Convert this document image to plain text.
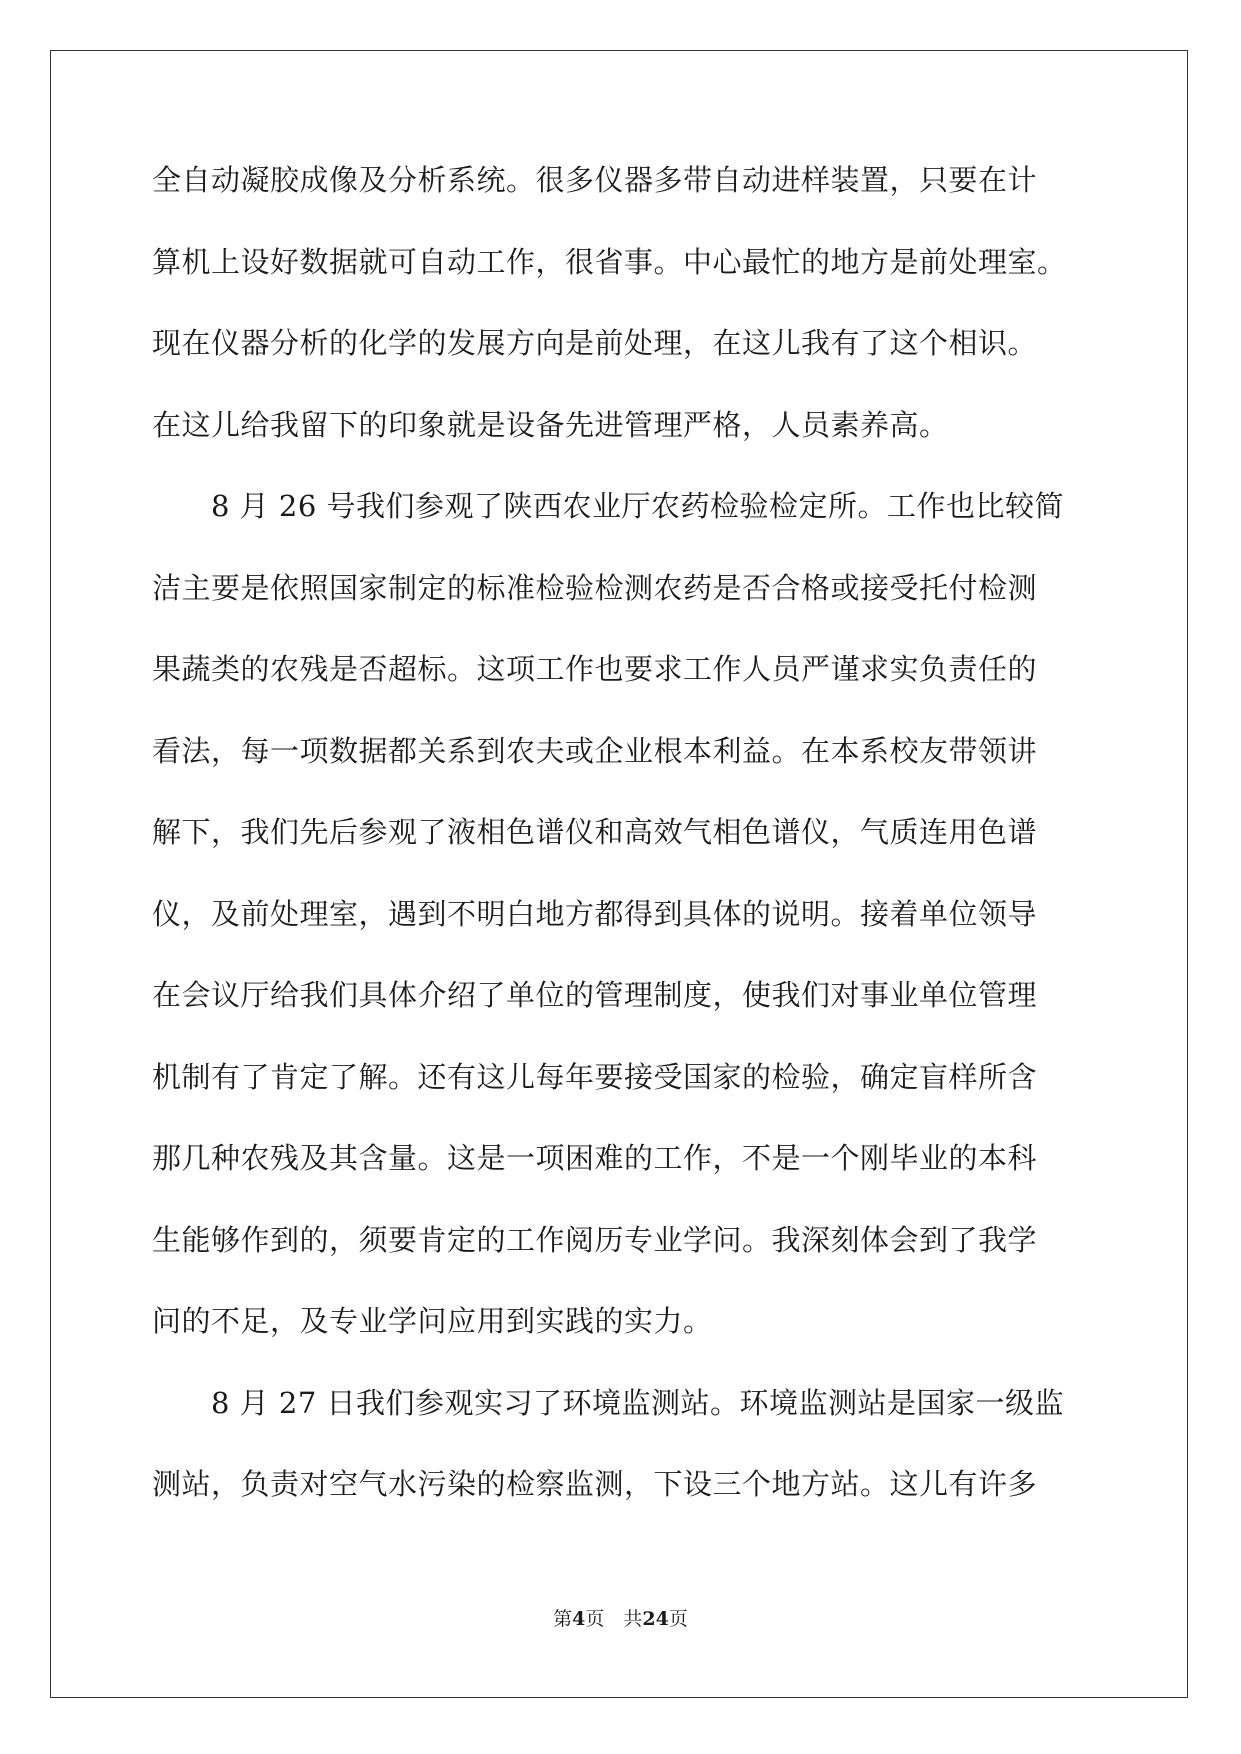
全自动凝胶成像及分析系统。很多仪器多带自动进样装置，只要在计
算机上设好数据就可自动工作，很省事。中心最忙的地方是前处理室。
现在仪器分析的化学的发展方向是前处理，在这儿我有了这个相识。
在这儿给我留下的印象就是设备先进管理严格，人员素养高。
　　8 月 26 号我们参观了陕西农业厅农药检验检定所。工作也比较简
洁主要是依照国家制定的标准检验检测农药是否合格或接受托付检测
果蔬类的农残是否超标。这项工作也要求工作人员严谨求实负责任的
看法，每一项数据都关系到农夫或企业根本利益。在本系校友带领讲
解下，我们先后参观了液相色谱仪和高效气相色谱仪，气质连用色谱
仪，及前处理室，遇到不明白地方都得到具体的说明。接着单位领导
在会议厅给我们具体介绍了单位的管理制度，使我们对事业单位管理
机制有了肯定了解。还有这儿每年要接受国家的检验，确定盲样所含
那几种农残及其含量。这是一项困难的工作，不是一个刚毕业的本科
生能够作到的，须要肯定的工作阅历专业学问。我深刻体会到了我学
问的不足，及专业学问应用到实践的实力。
　　8 月 27 日我们参观实习了环境监测站。环境监测站是国家一级监
测站，负责对空气水污染的检察监测，下设三个地方站。这儿有许多
第4页　共24页
